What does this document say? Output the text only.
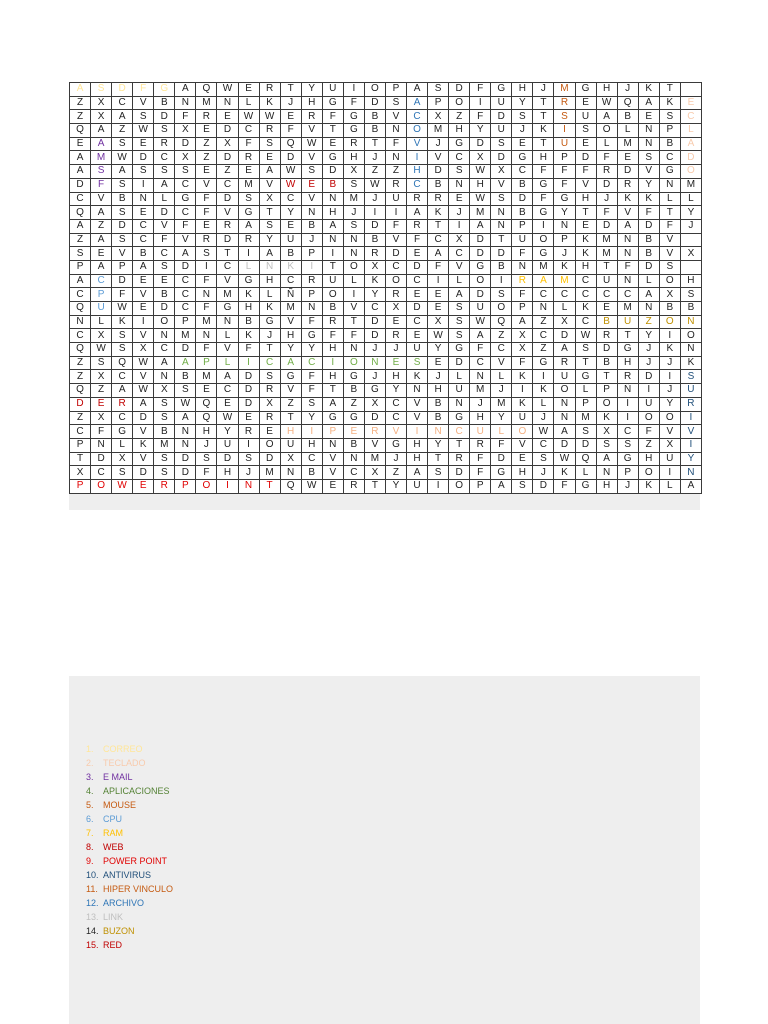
A	S	D	F	G	A	Q	W	E	R	T	Y	U	I	O	P	A	S	D	F	G	H	J	M	G	H	J	K	T	
Z	X	C	V	B	N	M	N	L	K	J	H	G	F	D	S	A	P	O	I	U	Y	T	R	E	W	Q	A	K	E
Z	X	A	S	D	F	R	E	W	W	E	R	F	G	B	V	C	X	Z	F	D	S	T	S	U	A	B	E	S	C
Q	A	Z	W	S	X	E	D	C	R	F	V	T	G	B	N	O	M	H	Y	U	J	K	I	S	O	L	N	P	L
E	A	S	E	R	D	Z	X	F	S	Q	W	E	R	T	F	V	J	G	D	S	E	T	U	E	L	M	N	B	A
A	M	W	D	C	X	Z	D	R	E	D	V	G	H	J	N	I	V	C	X	D	G	H	P	D	F	E	S	C	D
A	S	A	S	S	S	E	Z	E	A	W	S	D	X	Z	Z	H	D	S	W	X	C	F	F	F	R	D	V	G	O
D	F	S	I	A	C	V	C	M	V	W	E	B	S	W	R	C	B	N	H	V	B	G	F	V	D	R	Y	N	M
C	V	B	N	L	G	F	D	S	X	C	V	N	M	J	U	R	R	E	W	S	D	F	G	H	J	K	K	L	L
Q	A	S	E	D	C	F	V	G	T	Y	N	H	J	I	I	A	K	J	M	N	B	G	Y	T	F	V	F	T	Y
A	Z	D	C	V	F	E	R	A	S	E	B	A	S	D	F	R	T	I	A	N	P	I	N	E	D	A	D	F	J
Z	A	S	C	F	V	R	D	R	Y	U	J	N	N	B	V	F	C	X	D	T	U	O	P	K	M	N	B	V	
S	E	V	B	C	A	S	T	I	A	B	P	I	N	R	D	E	A	C	D	D	F	G	J	K	M	N	B	V	X
P	A	P	A	S	D	I	C	L	N	K	I	T	O	X	C	D	F	V	G	B	N	M	K	H	T	F	D	S	
A	C	D	E	E	C	F	V	G	H	C	R	U	L	K	O	C	I	L	O	I	R	A	M	C	U	N	L	O	H
C	P	F	V	B	C	N	M	K	L	Ñ	P	O	I	Y	R	E	E	A	D	S	F	C	C	C	C	C	A	X	S
Q	U	W	E	D	C	F	G	H	K	M	N	B	V	C	X	D	E	S	U	O	P	N	L	K	E	M	N	B	B
N	L	K	I	O	P	M	N	B	G	V	F	R	T	D	E	C	X	S	W	Q	A	Z	X	C	B	U	Z	O	N
C	X	S	V	N	M	N	L	K	J	H	G	F	F	D	R	E	W	S	A	Z	X	C	D	W	R	T	Y	I	O
Q	W	S	X	C	D	F	V	F	T	Y	Y	H	N	J	J	U	Y	G	F	C	X	Z	A	S	D	G	J	K	N
Z	S	Q	W	A	A	P	L	I	C	A	C	I	O	N	E	S	E	D	C	V	F	G	R	T	B	H	J	J	K
Z	X	C	V	N	B	M	A	D	S	G	F	H	G	J	H	K	J	L	N	L	K	I	U	G	T	R	D	I	S
Q	Z	A	W	X	S	E	C	D	R	V	F	T	B	G	Y	N	H	U	M	J	I	K	O	L	P	Ñ	I	J	U
D	E	R	A	S	W	Q	E	D	X	Z	S	A	Z	X	C	V	B	N	J	M	K	L	N	P	O	I	U	Y	R
Z	X	C	D	S	A	Q	W	E	R	T	Y	G	G	D	C	V	B	G	H	Y	U	J	N	M	K	I	O	O	I
C	F	G	V	B	N	H	Y	R	E	H	I	P	E	R	V	I	N	C	U	L	O	W	A	S	X	C	F	V	V
P	N	L	K	M	N	J	U	I	O	U	H	N	B	V	G	H	Y	T	R	F	V	C	D	D	S	S	Z	X	I
T	D	X	V	S	D	S	D	S	D	X	C	V	N	M	J	H	T	R	F	D	E	S	W	Q	A	G	H	U	Y
X	C	S	D	S	D	F	H	J	M	N	B	V	C	X	Z	A	S	D	F	G	H	J	K	L	N	P	O	I	N
P	O	W	E	R	P	O	I	N	T	Q	W	E	R	T	Y	U	I	O	P	A	S	D	F	G	H	J	K	L	A
1. CORREO
2. TECLADO
3. E MAIL
4. APLICACIONES
5. MOUSE
6. CPU
7. RAM
8. WEB
9. POWER POINT
10. ANTIVIRUS
11. HIPER VINCULO
12. ARCHIVO
13. LINK
14. BUZON
15. RED
